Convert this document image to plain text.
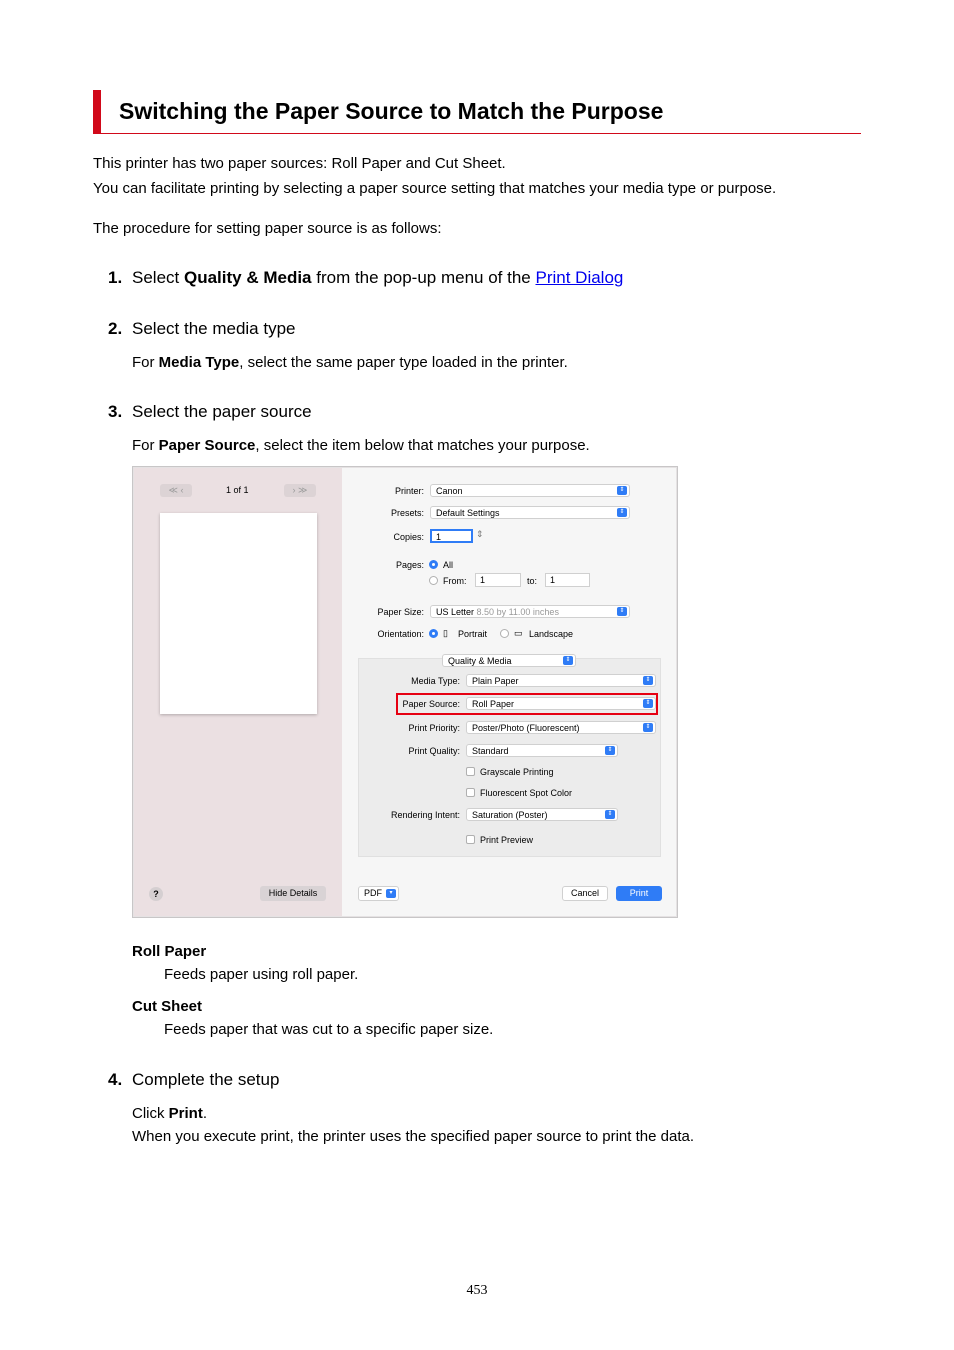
Switching the Paper Source to Match the Purpose
This printer has two paper sources: Roll Paper and Cut Sheet.
You can facilitate printing by selecting a paper source setting that matches your media type or purpose.
The procedure for setting paper source is as follows:
1. Select Quality & Media from the pop-up menu of the Print Dialog
2. Select the media type
For Media Type, select the same paper type loaded in the printer.
3. Select the paper source
For Paper Source, select the item below that matches your purpose.
≪ ‹	1 of 1	› ≫
?	Hide Details
Printer:	Canon	⇕
Presets:	Default Settings	⇕
Copies:	1	⇕
Pages: All
From:	1	to:	1
Paper Size:	US Letter 8.50 by 11.00 inches	⇕
Orientation: ▯ Portrait	▭ Landscape
Quality & Media	⇕
Media Type:	Plain Paper	⇕
Paper Source:	Roll Paper	⇕
Print Priority:	Poster/Photo (Fluorescent)	⇕
Print Quality:	Standard	⇕
Grayscale Printing
Fluorescent Spot Color
Rendering Intent:	Saturation (Poster)	⇕
Print Preview
PDF	▾	Cancel	Print
Roll Paper
Feeds paper using roll paper.
Cut Sheet
Feeds paper that was cut to a specific paper size.
4. Complete the setup
Click Print.
When you execute print, the printer uses the specified paper source to print the data.
453
